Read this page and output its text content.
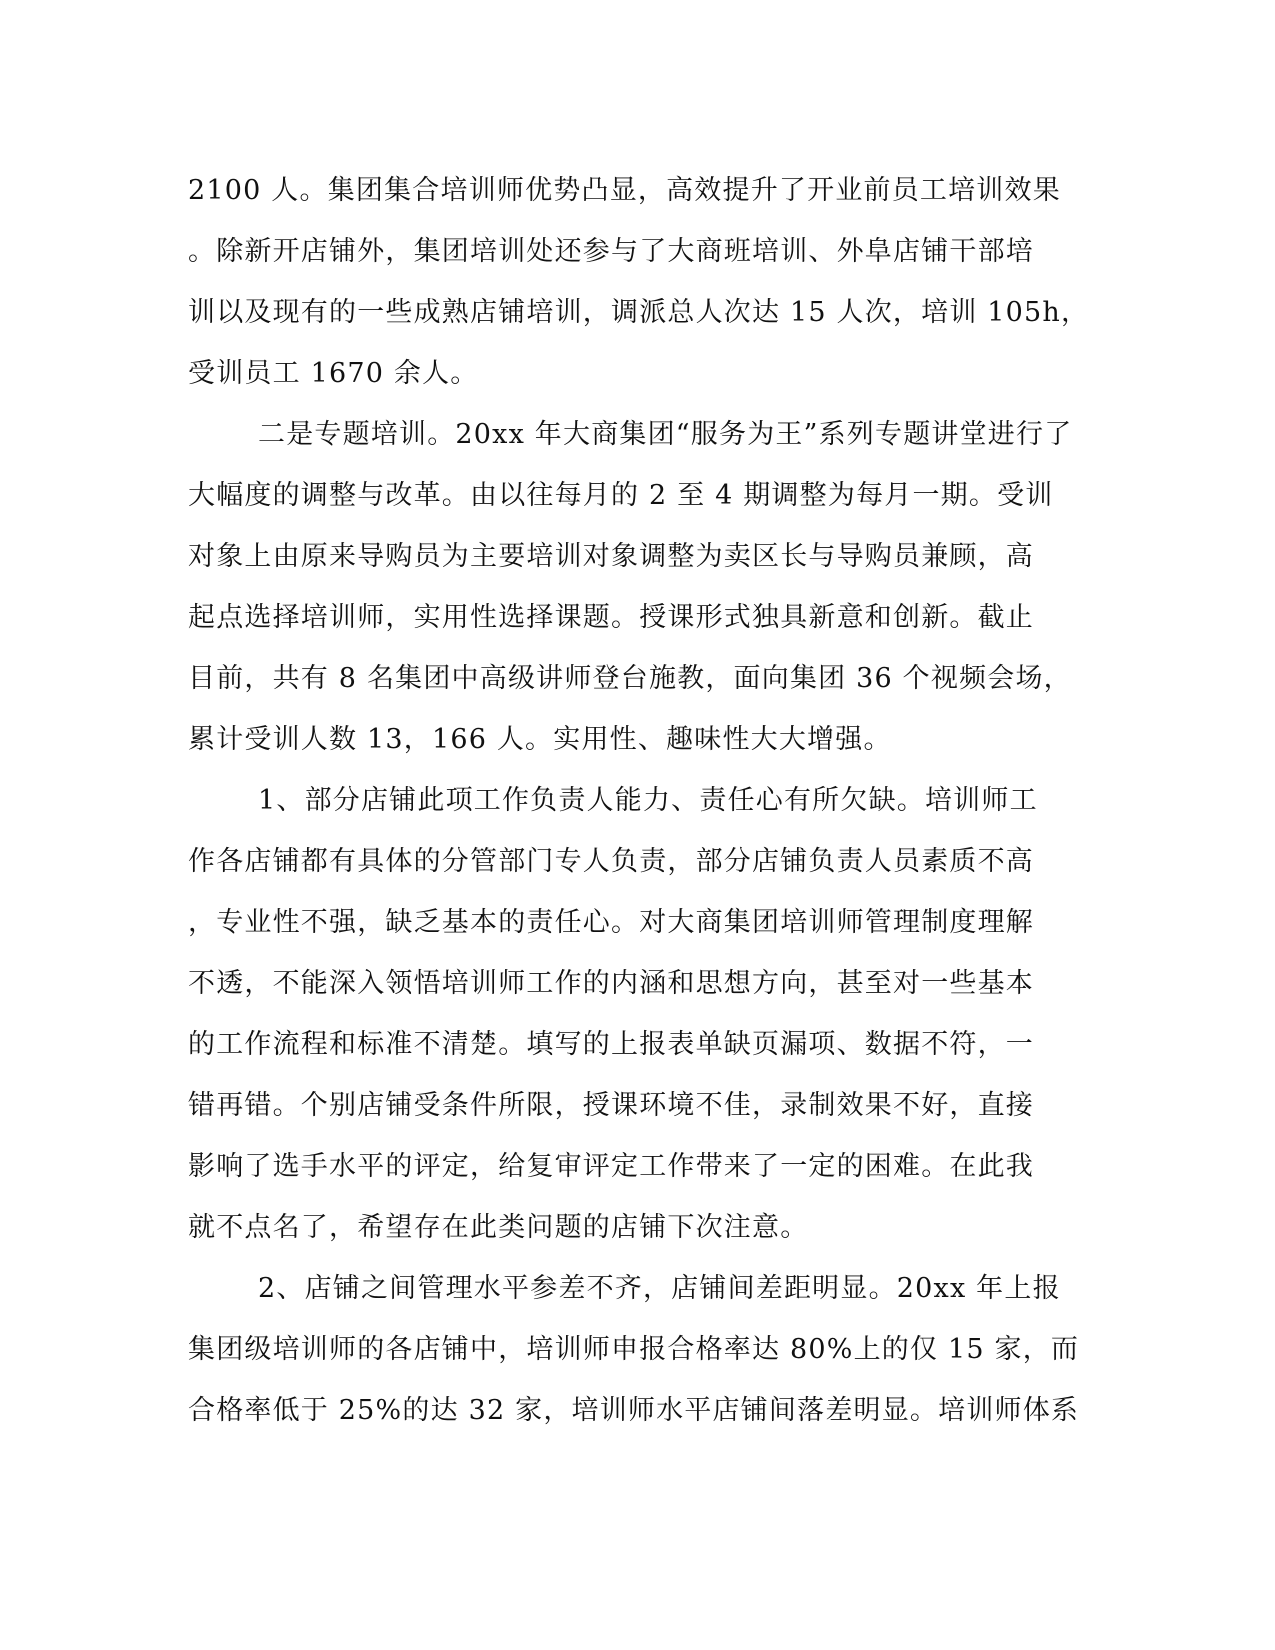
2100 人。集团集合培训师优势凸显，高效提升了开业前员工培训效果
。除新开店铺外，集团培训处还参与了大商班培训、外阜店铺干部培
训以及现有的一些成熟店铺培训，调派总人次达 15 人次，培训 105h，
受训员工 1670 余人。
二是专题培训。20xx 年大商集团“服务为王”系列专题讲堂进行了
大幅度的调整与改革。由以往每月的 2 至 4 期调整为每月一期。受训
对象上由原来导购员为主要培训对象调整为卖区长与导购员兼顾，高
起点选择培训师，实用性选择课题。授课形式独具新意和创新。截止
目前，共有 8 名集团中高级讲师登台施教，面向集团 36 个视频会场，
累计受训人数 13，166 人。实用性、趣味性大大增强。
1、部分店铺此项工作负责人能力、责任心有所欠缺。培训师工
作各店铺都有具体的分管部门专人负责，部分店铺负责人员素质不高
，专业性不强，缺乏基本的责任心。对大商集团培训师管理制度理解
不透，不能深入领悟培训师工作的内涵和思想方向，甚至对一些基本
的工作流程和标准不清楚。填写的上报表单缺页漏项、数据不符，一
错再错。个别店铺受条件所限，授课环境不佳，录制效果不好，直接
影响了选手水平的评定，给复审评定工作带来了一定的困难。在此我
就不点名了，希望存在此类问题的店铺下次注意。
2、店铺之间管理水平参差不齐，店铺间差距明显。20xx 年上报
集团级培训师的各店铺中，培训师申报合格率达 80%上的仅 15 家，而
合格率低于 25%的达 32 家，培训师水平店铺间落差明显。培训师体系
